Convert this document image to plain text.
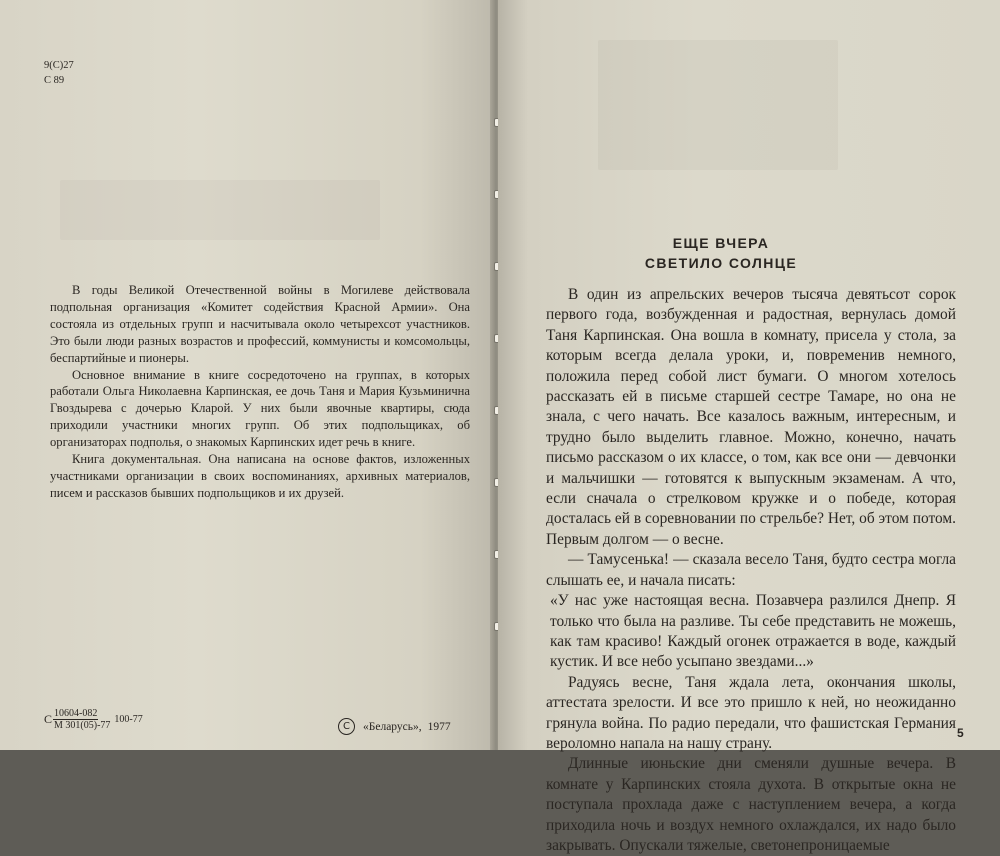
9(С)27
С 89

В годы Великой Отечественной войны в Могилеве действовала подпольная организация «Комитет содействия Красной Армии». Она состояла из отдельных групп и насчитывала около четырехсот участников. Это были люди разных возрастов и профессий, коммунисты и комсомольцы, беспартийные и пионеры.

Основное внимание в книге сосредоточено на группах, в которых работали Ольга Николаевна Карпинская, ее дочь Таня и Мария Кузьминична Гвоздырева с дочерью Кларой. У них были явочные квартиры, сюда приходили участники многих групп. Об этих подпольщиках, об организаторах подполья, о знакомых Карпинских идет речь в книге.

Книга документальная. Она написана на основе фактов, изложенных участниками организации в своих воспоминаниях, архивных материалов, писем и рассказов бывших подпольщиков и их друзей.

С $\frac{10604-082}{М 301(05)-77} 100-77$
C	«Беларусь», 1977
ЕЩЕ ВЧЕРА
СВЕТИЛО СОЛНЦЕ

В один из апрельских вечеров тысяча девятьсот сорок первого года, возбужденная и радостная, вернулась домой Таня Карпинская. Она вошла в комнату, присела у стола, за которым всегда делала уроки, и, повременив немного, положила перед собой лист бумаги. О многом хотелось рассказать ей в письме старшей сестре Тамаре, но она не знала, с чего начать. Все казалось важным, интересным, и трудно было выделить главное. Можно, конечно, начать письмо рассказом о их классе, о том, как все они — девчонки и мальчишки — готовятся к выпускным экзаменам. А что, если сначала о стрелковом кружке и о победе, которая досталась ей в соревновании по стрельбе? Нет, об этом потом. Первым долгом — о весне.

— Тамусенька! — сказала весело Таня, будто сестра могла слышать ее, и начала писать:

«У нас уже настоящая весна. Позавчера разлился Днепр. Я только что была на разливе. Ты себе представить не можешь, как там красиво! Каждый огонек отражается в воде, каждый кустик. И все небо усыпано звездами...»

Радуясь весне, Таня ждала лета, окончания школы, аттестата зрелости. И все это пришло к ней, но неожиданно грянула война. По радио передали, что фашистская Германия вероломно напала на нашу страну.

Длинные июньские дни сменяли душные вечера. В комнате у Карпинских стояла духота. В открытые окна не поступала прохлада даже с наступлением вечера, а когда приходила ночь и воздух немного охлаждался, их надо было закрывать. Опускали тяжелые, светонепроницаемые

5
